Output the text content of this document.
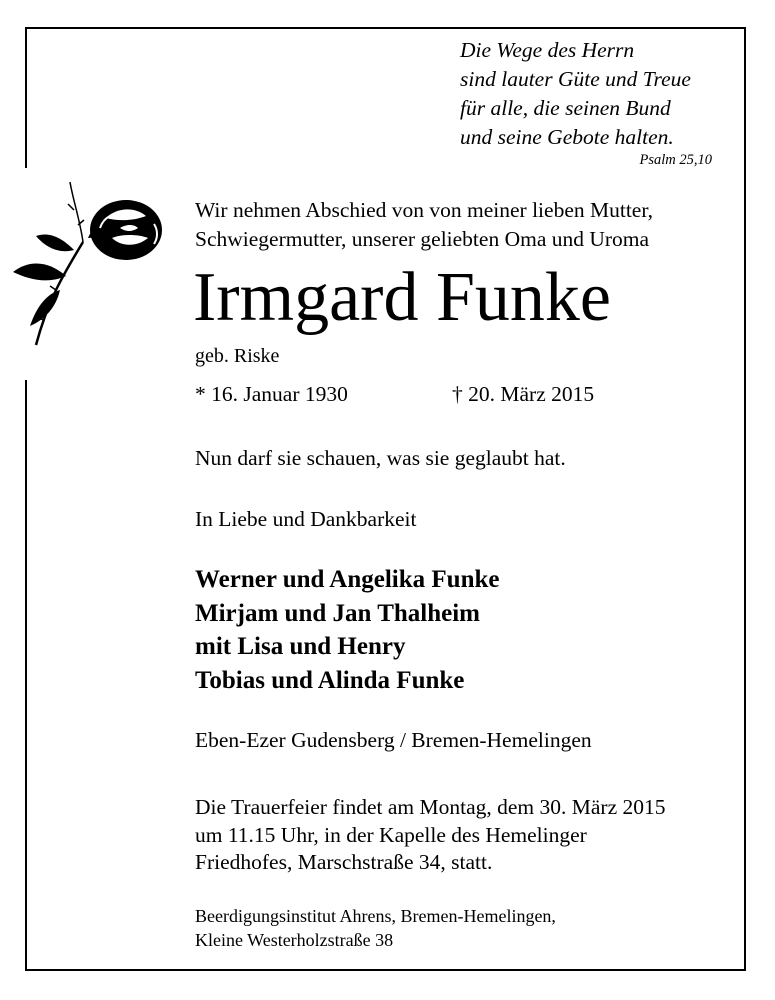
Die Wege des Herrn
sind lauter Güte und Treue
für alle, die seinen Bund
und seine Gebote halten.
Psalm 25,10
Wir nehmen Abschied von von meiner lieben Mutter,
Schwiegermutter, unserer geliebten Oma und Uroma
Irmgard Funke
geb. Riske
* 16. Januar 1930	† 20. März 2015
Nun darf sie schauen, was sie geglaubt hat.
In Liebe und Dankbarkeit
Werner und Angelika Funke
Mirjam und Jan Thalheim
mit Lisa und Henry
Tobias und Alinda Funke
Eben-Ezer Gudensberg / Bremen-Hemelingen
Die Trauerfeier findet am Montag, dem 30. März 2015
um 11.15 Uhr, in der Kapelle des Hemelinger
Friedhofes, Marschstraße 34, statt.
Beerdigungsinstitut Ahrens, Bremen-Hemelingen,
Kleine Westerholzstraße 38
